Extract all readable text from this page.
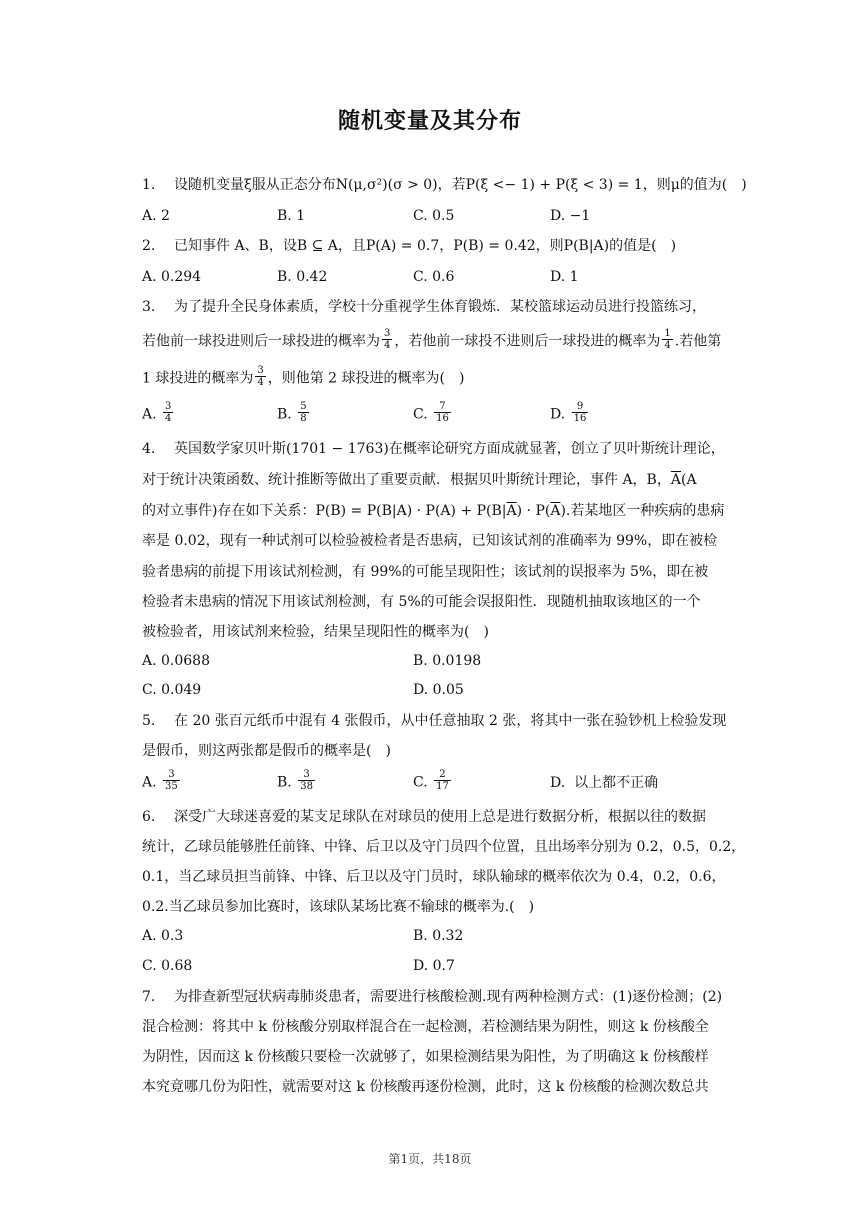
随机变量及其分布
1. 设随机变量ξ服从正态分布N(μ,σ²)(σ > 0)，若P(ξ <− 1) + P(ξ < 3) = 1，则μ的值为(　)
A. 2	B. 1	C. 0.5	D. −1
2. 已知事件 A、B，设B ⊆ A，且P(A) = 0.7，P(B) = 0.42，则P(B|A)的值是(　)
A. 0.294	B. 0.42	C. 0.6	D. 1
3. 为了提升全民身体素质，学校十分重视学生体育锻炼．某校篮球运动员进行投篮练习，
若他前一球投进则后一球投进的概率为 $\frac{3}{4}$ ，若他前一球投不进则后一球投进的概率为 $\frac{1}{4}$ .若他第
1 球投进的概率为 $\frac{3}{4}$ ，则他第 2 球投进的概率为(　)
A. $\frac{3}{4}$	B. $\frac{5}{8}$	C. $\frac{7}{16}$	D. $\frac{9}{16}$
4. 英国数学家贝叶斯(1701 − 1763)在概率论研究方面成就显著，创立了贝叶斯统计理论，
对于统计决策函数、统计推断等做出了重要贡献．根据贝叶斯统计理论，事件 A，B，$\overline{A}(A$
的对立事件)存在如下关系：$P(B) = P(B|A) \cdot P(A) + P(B|\overline{A}) \cdot P(\overline{A})$.若某地区一种疾病的患病
率是 0.02，现有一种试剂可以检验被检者是否患病，已知该试剂的准确率为 99%，即在被检
验者患病的前提下用该试剂检测，有 99%的可能呈现阳性；该试剂的误报率为 5%，即在被
检验者未患病的情况下用该试剂检测，有 5%的可能会误报阳性．现随机抽取该地区的一个
被检验者，用该试剂来检验，结果呈现阳性的概率为(　)
A. 0.0688	B. 0.0198
C. 0.049	D. 0.05
5. 在 20 张百元纸币中混有 4 张假币，从中任意抽取 2 张，将其中一张在验钞机上检验发现
是假币，则这两张都是假币的概率是(　)
A. $\frac{3}{35}$	B. $\frac{3}{38}$	C. $\frac{2}{17}$	D. 以上都不正确
6. 深受广大球迷喜爱的某支足球队在对球员的使用上总是进行数据分析，根据以往的数据
统计，乙球员能够胜任前锋、中锋、后卫以及守门员四个位置，且出场率分别为 0.2，0.5，0.2，
0.1，当乙球员担当前锋、中锋、后卫以及守门员时，球队输球的概率依次为 0.4，0.2，0.6，
0.2.当乙球员参加比赛时，该球队某场比赛不输球的概率为.(　)
A. 0.3	B. 0.32
C. 0.68	D. 0.7
7. 为排查新型冠状病毒肺炎患者，需要进行核酸检测.现有两种检测方式：(1)逐份检测；(2)
混合检测：将其中 k 份核酸分别取样混合在一起检测，若检测结果为阴性，则这 k 份核酸全
为阴性，因而这 k 份核酸只要检一次就够了，如果检测结果为阳性，为了明确这 k 份核酸样
本究竟哪几份为阳性，就需要对这 k 份核酸再逐份检测，此时，这 k 份核酸的检测次数总共
第1页，共18页
